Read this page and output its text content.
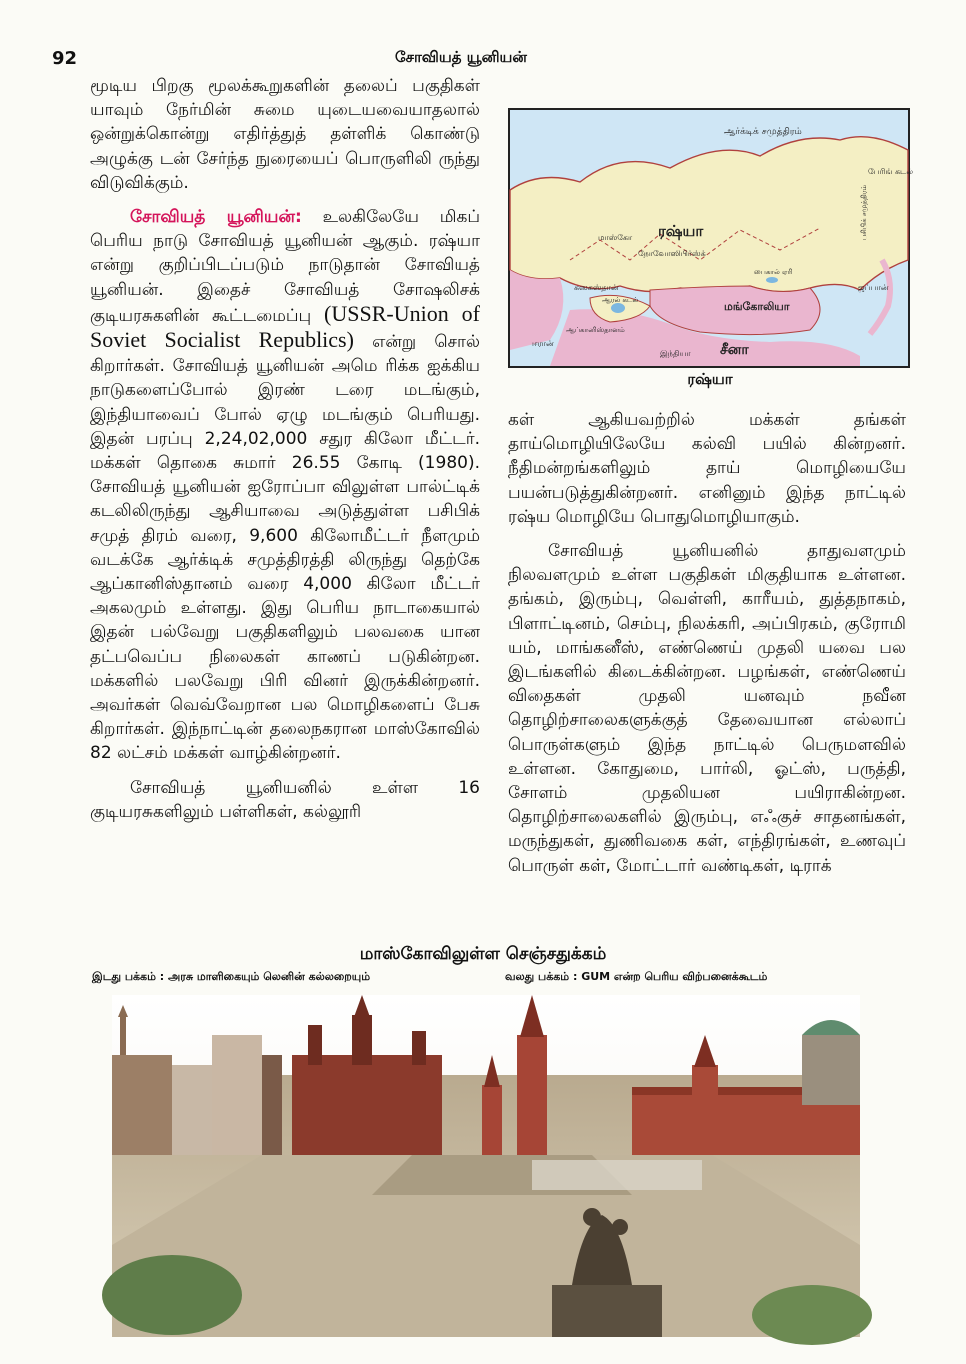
92	சோவியத் யூனியன்

மூடிய பிறகு மூலக்கூறுகளின் தலைப் பகுதிகள் யாவும் நேர்மின் சுமை யுடையவையாதலால் ஒன்றுக்கொன்று எதிர்த்துத் தள்ளிக் கொண்டு அழுக்கு டன் சேர்ந்த நுரையைப் பொருளிலி ருந்து விடுவிக்கும்.

சோவியத் யூனியன்: உலகிலேயே மிகப் பெரிய நாடு சோவியத் யூனியன் ஆகும். ரஷ்யா என்று குறிப்பிடப்படும் நாடுதான் சோவியத் யூனியன். இதைச் சோவியத் சோஷலிசக் குடியரசுகளின் கூட்டமைப்பு (USSR-Union of Soviet Socialist Republics) என்று சொல் கிறார்கள். சோவியத் யூனியன் அமெ ரிக்க ஐக்கிய நாடுகளைப்போல் இரண் டரை மடங்கும், இந்தியாவைப் போல் ஏழு மடங்கும் பெரியது. இதன் பரப்பு 2,24,02,000 சதுர கிலோ மீட்டர். மக்கள் தொகை சுமார் 26.55 கோடி (1980). சோவியத் யூனியன் ஐரோப்பா விலுள்ள பால்ட்டிக் கடலிலிருந்து ஆசியாவை அடுத்துள்ள பசிபிக் சமுத் திரம் வரை, 9,600 கிலோமீட்டர் நீளமும் வடக்கே ஆர்க்டிக் சமுத்திரத்தி லிருந்து தெற்கே ஆப்கானிஸ்தானம் வரை 4,000 கிலோ மீட்டர் அகலமும் உள்ளது. இது பெரிய நாடாகையால் இதன் பல்வேறு பகுதிகளிலும் பலவகை யான தட்பவெப்ப நிலைகள் காணப் படுகின்றன. மக்களில் பலவேறு பிரி வினர் இருக்கின்றனர். அவர்கள் வெவ்வேறான பல மொழிகளைப் பேசு கிறார்கள். இந்நாட்டின் தலைநகரான மாஸ்கோவில் 82 லட்சம் மக்கள் வாழ்கின்றனர்.

சோவியத் யூனியனில் உள்ள 16 குடியரசுகளிலும் பள்ளிகள், கல்லூரி

ஆர்க்டிக் சமுத்திரம்
ரஷ்யா
மாஸ்கோ
நோவோஸிபிர்ஸ்க்
கஸகஸ்தான்
ஆரல் கடல்
பைகால் ஏரி
மங்கோலியா
சீனா
இந்தியா
ஈரான்
ஆப்கானிஸ்தானம்
ஜப்பான்
பேரிங் கடல்
பசிபிக் சமுத்திரம்
ரஷ்யா

கள் ஆகியவற்றில் மக்கள் தங்கள் தாய்மொழியிலேயே கல்வி பயில் கின்றனர். நீதிமன்றங்களிலும் தாய் மொழியையே பயன்படுத்துகின்றனர். எனினும் இந்த நாட்டில் ரஷ்ய மொழியே பொதுமொழியாகும்.

சோவியத் யூனியனில் தாதுவளமும் நிலவளமும் உள்ள பகுதிகள் மிகுதியாக உள்ளன. தங்கம், இரும்பு, வெள்ளி, காரீயம், துத்தநாகம், பிளாட்டினம், செம்பு, நிலக்கரி, அப்பிரகம், குரோமி யம், மாங்கனீஸ், எண்ணெய் முதலி யவை பல இடங்களில் கிடைக்கின்றன. பழங்கள், எண்ணெய் விதைகள் முதலி யனவும் நவீன தொழிற்சாலைகளுக்குத் தேவையான எல்லாப் பொருள்களும் இந்த நாட்டில் பெருமளவில் உள்ளன. கோதுமை, பார்லி, ஓட்ஸ், பருத்தி, சோளம் முதலியன பயிராகின்றன. தொழிற்சாலைகளில் இரும்பு, எஃகுச் சாதனங்கள், மருந்துகள், துணிவகை கள், எந்திரங்கள், உணவுப் பொருள் கள், மோட்டார் வண்டிகள், டிராக்

மாஸ்கோவிலுள்ள செஞ்சதுக்கம்
இடது பக்கம் : அரசு மாளிகையும் லெனின் கல்லறையும்	வலது பக்கம் : GUM என்ற பெரிய விற்பனைக்கூடம்
